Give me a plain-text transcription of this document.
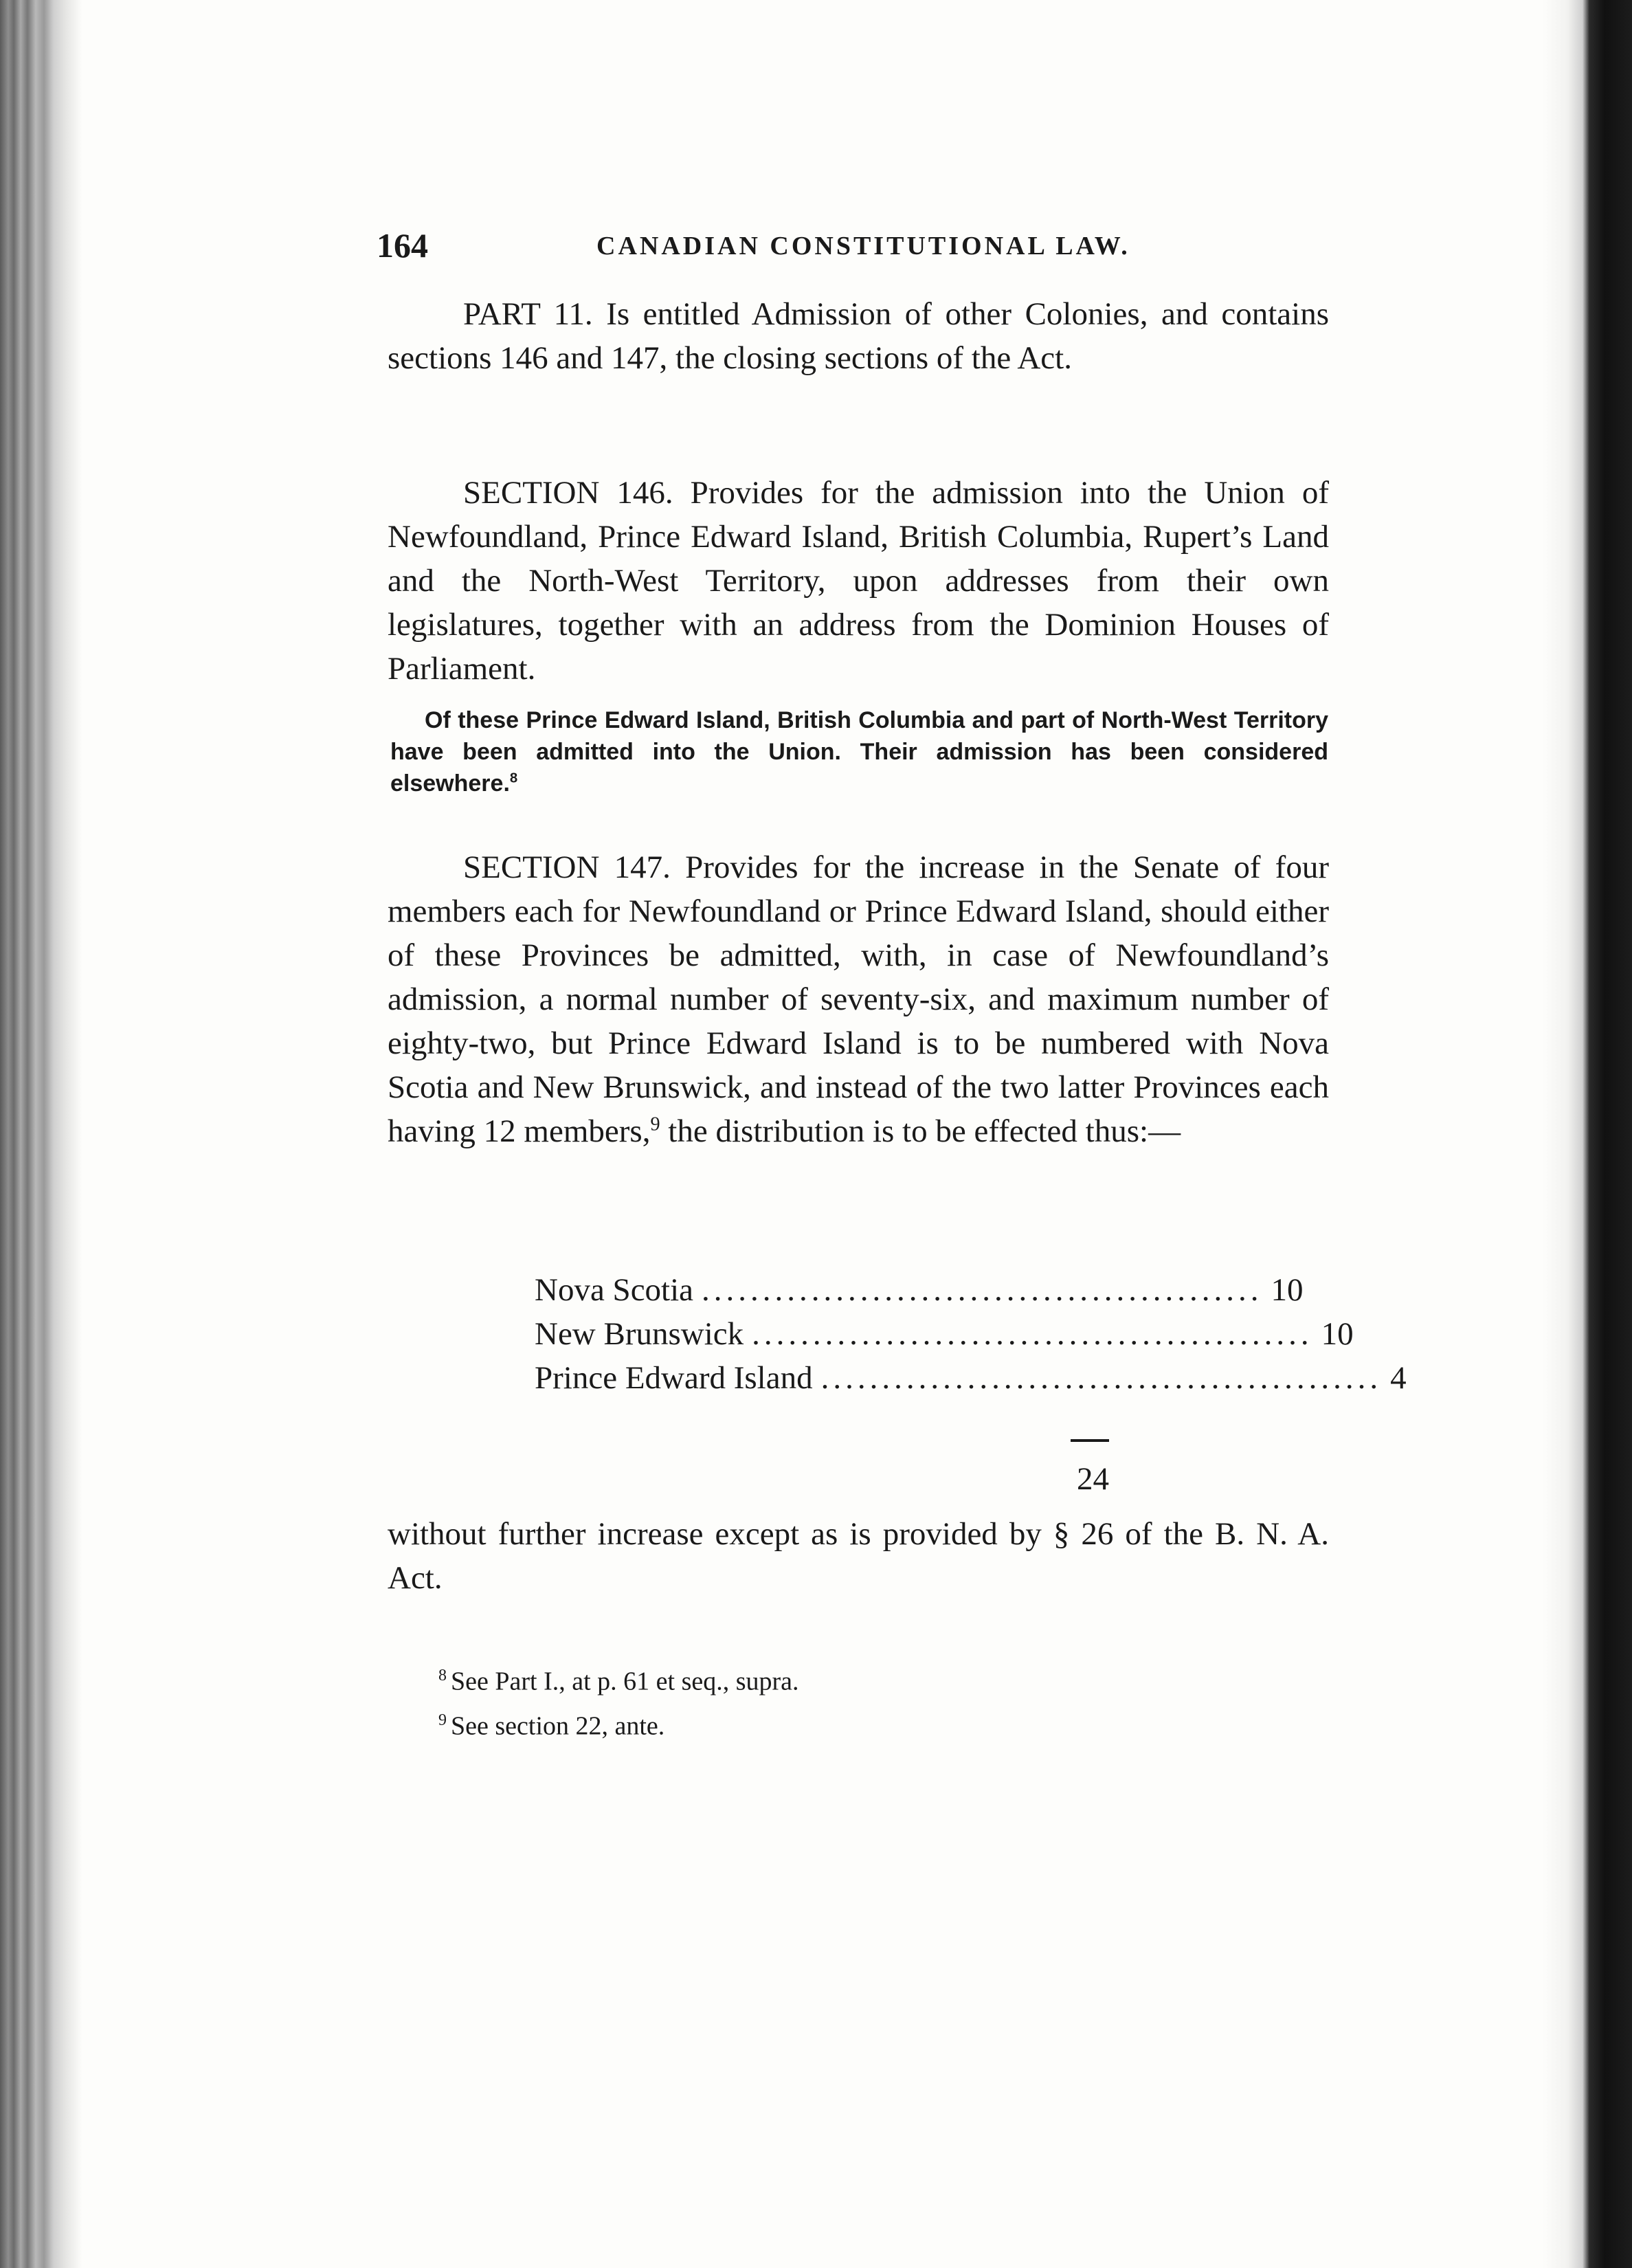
164	CANADIAN CONSTITUTIONAL LAW.

PART 11. Is entitled Admission of other Colonies, and contains sections 146 and 147, the closing sections of the Act.

SECTION 146. Provides for the admission into the Union of Newfoundland, Prince Edward Island, British Columbia, Rupert’s Land and the North-West Territory, upon addresses from their own legislatures, together with an address from the Dominion Houses of Parliament.

Of these Prince Edward Island, British Columbia and part of North-West Territory have been admitted into the Union. Their admission has been considered elsewhere.$^8$

SECTION 147. Provides for the increase in the Senate of four members each for Newfoundland or Prince Edward Island, should either of these Provinces be admitted, with, in case of Newfoundland’s admission, a normal number of seventy-six, and maximum number of eighty-two, but Prince Edward Island is to be numbered with Nova Scotia and New Brunswick, and instead of the two latter Provinces each having 12 members,$^9$ the distribution is to be effected thus:—

Nova Scotia .............................................. 10
New Brunswick .............................................. 10
Prince Edward Island .............................................. 4
24

without further increase except as is provided by § 26 of the B. N. A. Act.

$^8$ See Part I., at p. 61 et seq., supra.

$^9$ See section 22, ante.
